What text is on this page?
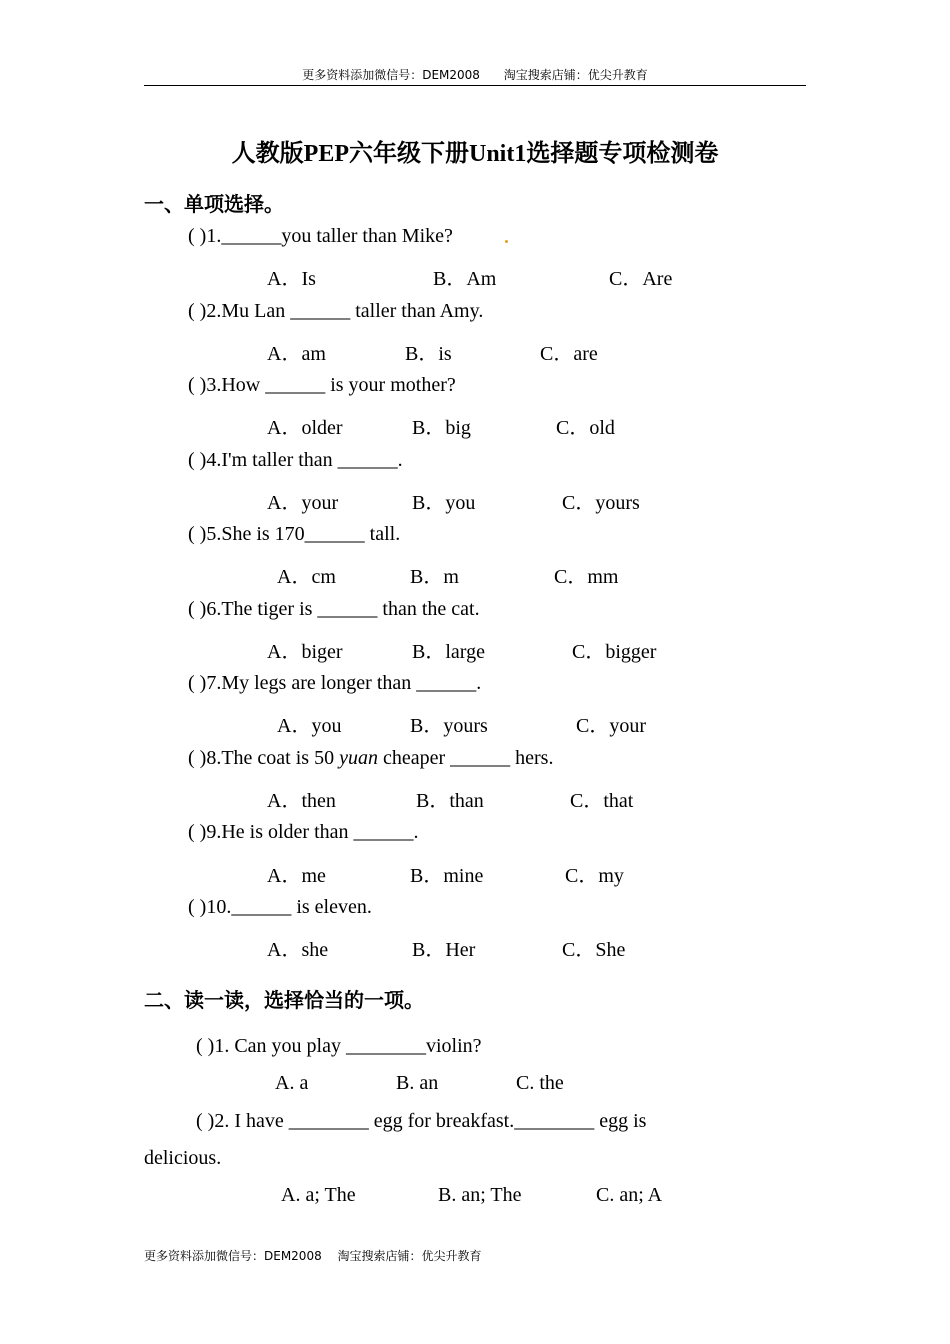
更多资料添加微信号：DEM2008 淘宝搜索店铺：优尖升教育
人教版PEP六年级下册Unit1选择题专项检测卷
一、单项选择。
( )1.______you taller than Mike?
A．Is	B．Am	C．Are
( )2.Mu Lan ______ taller than Amy.
A．am	B．is	C．are
( )3.How ______ is your mother?
A．older	B．big	C．old
( )4.I'm taller than ______.
A．your	B．you	C．yours
( )5.She is 170______ tall.
A．cm	B．m	C．mm
( )6.The tiger is ______ than the cat.
A．biger	B．large	C．bigger
( )7.My legs are longer than ______.
A．you	B．yours	C．your
( )8.The coat is 50 yuan cheaper ______ hers.
A．then	B．than	C．that
( )9.He is older than ______.
A．me	B．mine	C．my
( )10.______ is eleven.
A．she	B．Her	C．She
二、读一读，选择恰当的一项。
( )1. Can you play ________violin?
A. a	B. an	C. the
( )2. I have ________ egg for breakfast.________ egg is
delicious.
A. a; The	B. an; The	C. an; A
更多资料添加微信号：DEM2008 淘宝搜索店铺：优尖升教育
